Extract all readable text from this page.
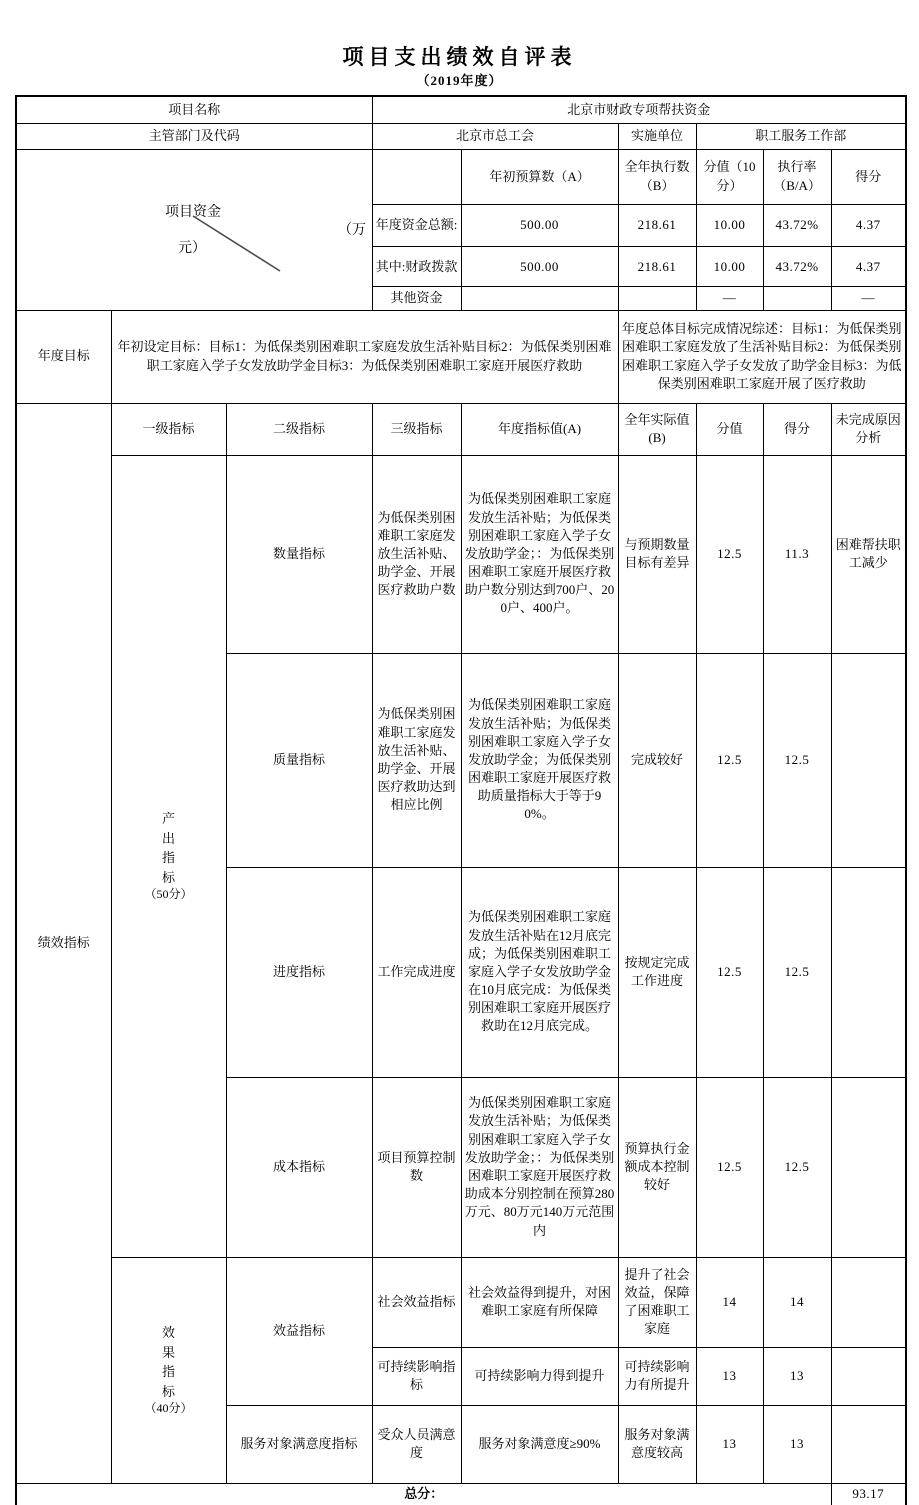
项目支出绩效自评表
（2019年度）
项目名称			北京市财政专项帮扶资金					
主管部门及代码			北京市总工会		实施单位	职工服务工作部		

项目资金
（万
元）				年初预算数（A）	全年执行数（B）	分值（10分）	执行率（B/A）	得分
			年度资金总额:	500.00	218.61	10.00	43.72%	4.37
			其中:财政拨款	500.00	218.61	10.00	43.72%	4.37
			其他资金			—		—
年度目标	年初设定目标：目标1：为低保类别困难职工家庭发放生活补贴目标2：为低保类别困难职工家庭入学子女发放助学金目标3：为低保类别困难职工家庭开展医疗救助				年度总体目标完成情况综述：目标1：为低保类别困难职工家庭发放了生活补贴目标2：为低保类别困难职工家庭入学子女发放了助学金目标3：为低保类别困难职工家庭开展了医疗救助			
绩效指标	一级指标	二级指标	三级指标	年度指标值(A)	全年实际值(B)	分值	得分	未完成原因分析

	产出指标
（50分）	数量指标	为低保类别困难职工家庭发放生活补贴、助学金、开展医疗救助户数	为低保类别困难职工家庭发放生活补贴；为低保类别困难职工家庭入学子女发放助学金；：为低保类别困难职工家庭开展医疗救助户数分别达到700户、200户、400户。	与预期数量目标有差异	12.5	11.3	困难帮扶职工减少
		质量指标	为低保类别困难职工家庭发放生活补贴、助学金、开展医疗救助达到相应比例	为低保类别困难职工家庭发放生活补贴；为低保类别困难职工家庭入学子女发放助学金；为低保类别困难职工家庭开展医疗救助质量指标大于等于90%。	完成较好	12.5	12.5	
		进度指标	工作完成进度	为低保类别困难职工家庭发放生活补贴在12月底完成；为低保类别困难职工家庭入学子女发放助学金在10月底完成：为低保类别困难职工家庭开展医疗救助在12月底完成。	按规定完成工作进度	12.5	12.5	
		成本指标	项目预算控制数	为低保类别困难职工家庭发放生活补贴；为低保类别困难职工家庭入学子女发放助学金；：为低保类别困难职工家庭开展医疗救助成本分别控制在预算280万元、80万元140万元范围内	预算执行金额成本控制较好	12.5	12.5	

	效果指标
（40分）	效益指标	社会效益指标	社会效益得到提升，对困难职工家庭有所保障	提升了社会效益，保障了困难职工家庭	14	14	
			可持续影响指标	可持续影响力得到提升	可持续影响力有所提升	13	13	
		服务对象满意度指标	受众人员满意度	服务对象满意度≥90%	服务对象满意度较高	13	13	
总分：								93.17
